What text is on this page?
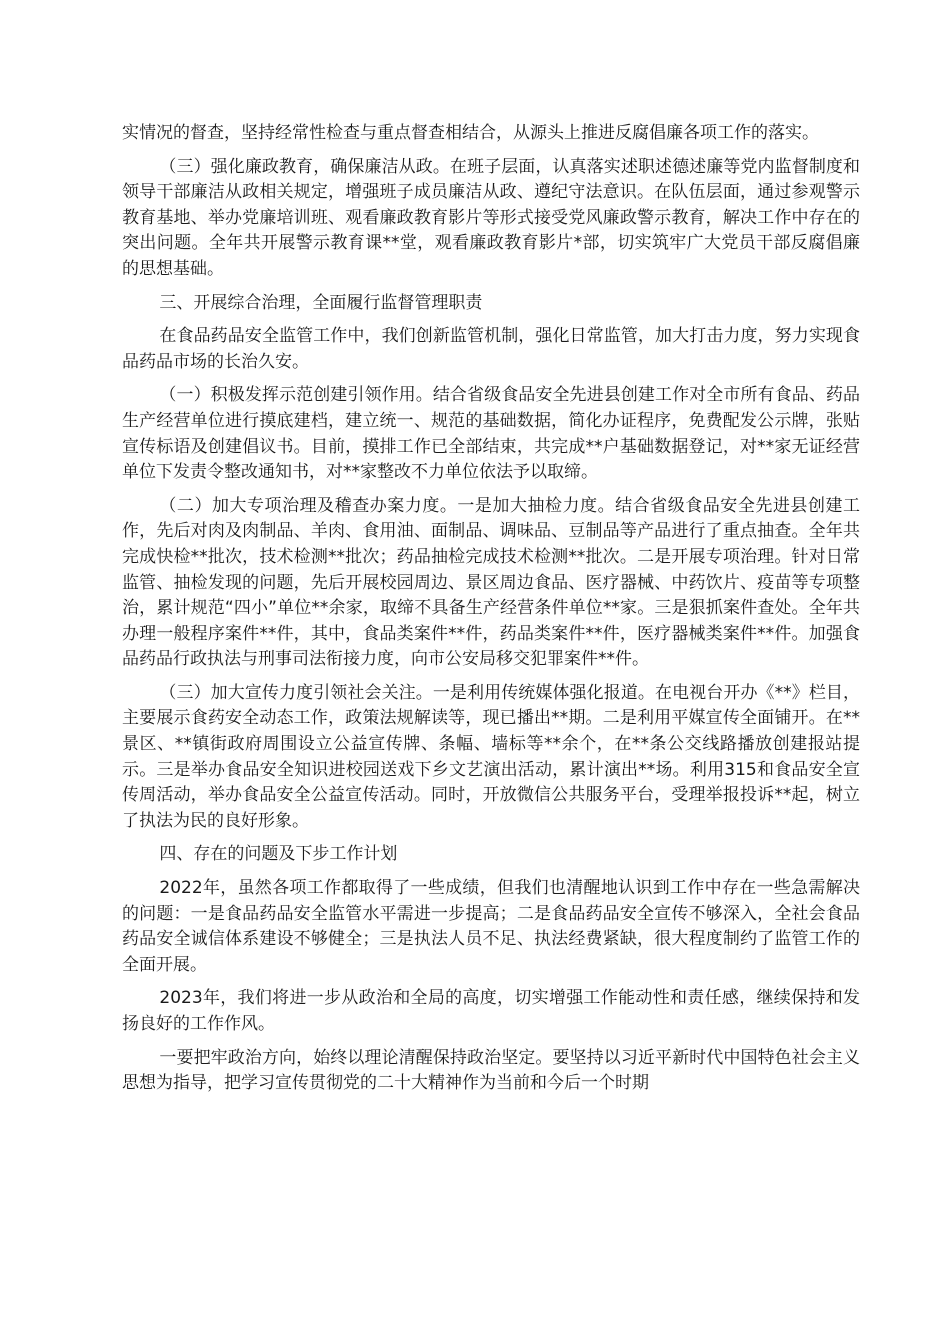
实情况的督查，坚持经常性检查与重点督查相结合，从源头上推进反腐倡廉各项工作的落实。

（三）强化廉政教育，确保廉洁从政。在班子层面，认真落实述职述德述廉等党内监督制度和领导干部廉洁从政相关规定，增强班子成员廉洁从政、遵纪守法意识。在队伍层面，通过参观警示教育基地、举办党廉培训班、观看廉政教育影片等形式接受党风廉政警示教育，解决工作中存在的突出问题。全年共开展警示教育课**堂，观看廉政教育影片*部，切实筑牢广大党员干部反腐倡廉的思想基础。

三、开展综合治理，全面履行监督管理职责

在食品药品安全监管工作中，我们创新监管机制，强化日常监管，加大打击力度，努力实现食品药品市场的长治久安。

（一）积极发挥示范创建引领作用。结合省级食品安全先进县创建工作对全市所有食品、药品生产经营单位进行摸底建档，建立统一、规范的基础数据，简化办证程序，免费配发公示牌，张贴宣传标语及创建倡议书。目前，摸排工作已全部结束，共完成**户基础数据登记，对**家无证经营单位下发责令整改通知书，对**家整改不力单位依法予以取缔。

（二）加大专项治理及稽查办案力度。一是加大抽检力度。结合省级食品安全先进县创建工作，先后对肉及肉制品、羊肉、食用油、面制品、调味品、豆制品等产品进行了重点抽查。全年共完成快检**批次，技术检测**批次；药品抽检完成技术检测**批次。二是开展专项治理。针对日常监管、抽检发现的问题，先后开展校园周边、景区周边食品、医疗器械、中药饮片、疫苗等专项整治，累计规范“四小”单位**余家，取缔不具备生产经营条件单位**家。三是狠抓案件查处。全年共办理一般程序案件**件，其中，食品类案件**件，药品类案件**件，医疗器械类案件**件。加强食品药品行政执法与刑事司法衔接力度，向市公安局移交犯罪案件**件。

（三）加大宣传力度引领社会关注。一是利用传统媒体强化报道。在电视台开办《**》栏目，主要展示食药安全动态工作，政策法规解读等，现已播出**期。二是利用平媒宣传全面铺开。在**景区、**镇街政府周围设立公益宣传牌、条幅、墙标等**余个，在**条公交线路播放创建报站提示。三是举办食品安全知识进校园送戏下乡文艺演出活动，累计演出**场。利用315和食品安全宣传周活动，举办食品安全公益宣传活动。同时，开放微信公共服务平台，受理举报投诉**起，树立了执法为民的良好形象。

四、存在的问题及下步工作计划

2022年，虽然各项工作都取得了一些成绩，但我们也清醒地认识到工作中存在一些急需解决的问题：一是食品药品安全监管水平需进一步提高；二是食品药品安全宣传不够深入，全社会食品药品安全诚信体系建设不够健全；三是执法人员不足、执法经费紧缺，很大程度制约了监管工作的全面开展。

2023年，我们将进一步从政治和全局的高度，切实增强工作能动性和责任感，继续保持和发扬良好的工作作风。

一要把牢政治方向，始终以理论清醒保持政治坚定。要坚持以习近平新时代中国特色社会主义思想为指导，把学习宣传贯彻党的二十大精神作为当前和今后一个时期
